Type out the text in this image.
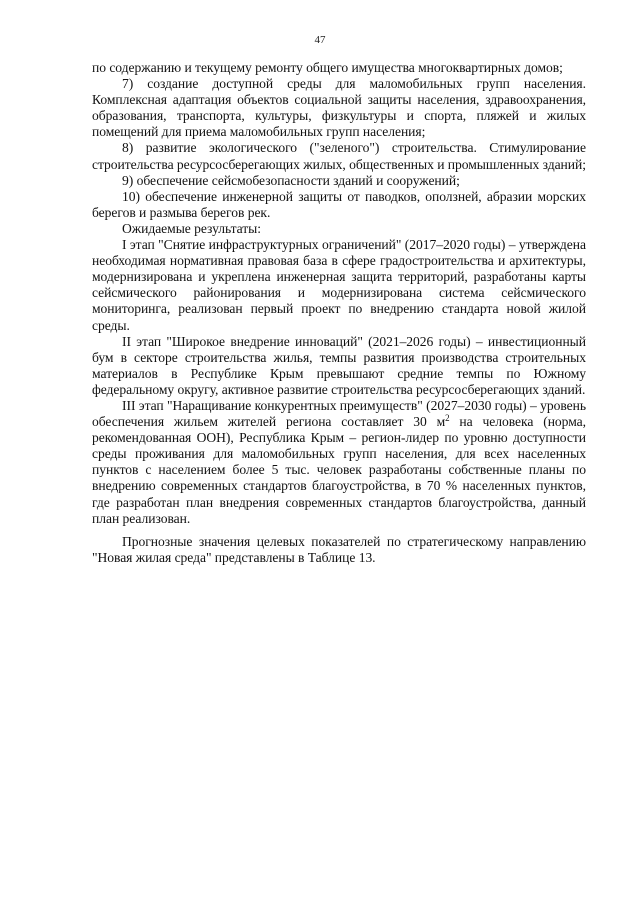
47

по содержанию и текущему ремонту общего имущества многоквартирных домов;

7) создание доступной среды для маломобильных групп населения. Комплексная адаптация объектов социальной защиты населения, здравоохранения, образования, транспорта, культуры, физкультуры и спорта, пляжей и жилых помещений для приема маломобильных групп населения;

8) развитие экологического ("зеленого") строительства. Стимулирование строительства ресурсосберегающих жилых, общественных и промышленных зданий;

9) обеспечение сейсмобезопасности зданий и сооружений;

10) обеспечение инженерной защиты от паводков, оползней, абразии морских берегов и размыва берегов рек.

Ожидаемые результаты:

I этап "Снятие инфраструктурных ограничений" (2017–2020 годы) – утверждена необходимая нормативная правовая база в сфере градостроительства и архитектуры, модернизирована и укреплена инженерная защита территорий, разработаны карты сейсмического районирования и модернизирована система сейсмического мониторинга, реализован первый проект по внедрению стандарта новой жилой среды.

II этап "Широкое внедрение инноваций" (2021–2026 годы) – инвестиционный бум в секторе строительства жилья, темпы развития производства строительных материалов в Республике Крым превышают средние темпы по Южному федеральному округу, активное развитие строительства ресурсосберегающих зданий.

III этап "Наращивание конкурентных преимуществ" (2027–2030 годы) – уровень обеспечения жильем жителей региона составляет 30 $м^2$ на человека (норма, рекомендованная ООН), Республика Крым – регион-лидер по уровню доступности среды проживания для маломобильных групп населения, для всех населенных пунктов с населением более 5 тыс. человек разработаны собственные планы по внедрению современных стандартов благоустройства, в 70 % населенных пунктов, где разработан план внедрения современных стандартов благоустройства, данный план реализован.

Прогнозные значения целевых показателей по стратегическому направлению "Новая жилая среда" представлены в Таблице 13.
